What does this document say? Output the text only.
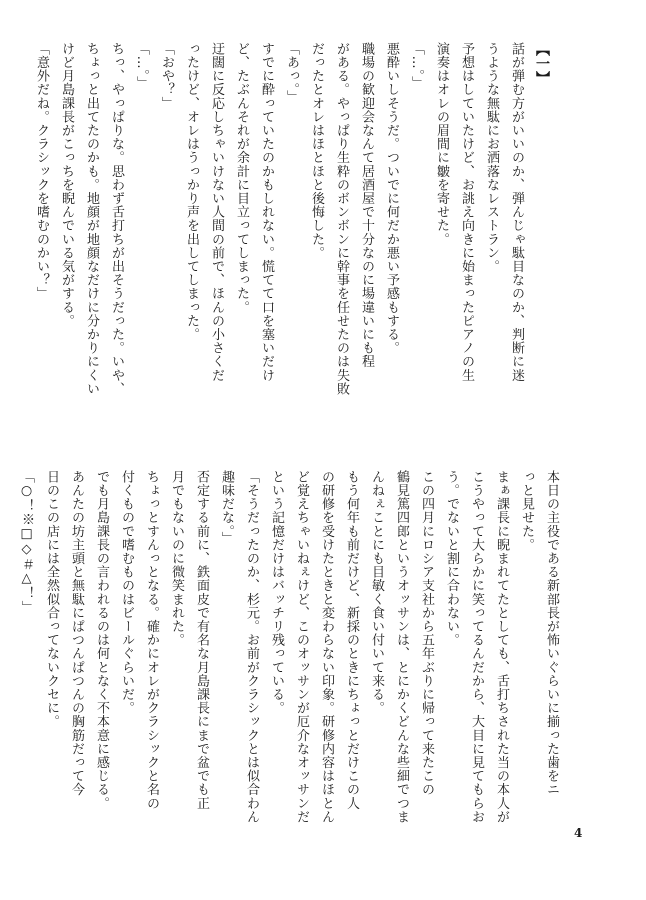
【一】
話が弾む方がいいのか、弾んじゃ駄目なのか、判断に迷
うような無駄にお洒落なレストラン。
予想はしていたけど、お誂え向きに始まったピアノの生
演奏はオレの眉間に皺を寄せた。
「…。」
悪酔いしそうだ。ついでに何だか悪い予感もする。
職場の歓迎会なんて居酒屋で十分なのに場違いにも程
がある。やっぱり生粋のボンボンに幹事を任せたのは失敗
だったとオレはほとほと後悔した。
「あっ。」
すでに酔っていたのかもしれない。慌てて口を塞いだけ
ど、たぶんそれが余計に目立ってしまった。
迂闊に反応しちゃいけない人間の前で、ほんの小さくだ
ったけど、オレはうっかり声を出してしまった。
「おや？」
「…。」
ちっ、やっぱりな。思わず舌打ちが出そうだった。いや、
ちょっと出てたのかも。地顔が地顔なだけに分かりにくい
けど月島課長がこっちを睨んでいる気がする。
「意外だね。クラシックを嗜むのかい？」
本日の主役である新部長が怖いぐらいに揃った歯をニ
っと見せた。
まぁ課長に睨まれてたとしても、舌打ちされた当の本人が
こうやって大らかに笑ってるんだから、大目に見てもらお
う。でないと割に合わない。
この四月にロシア支社から五年ぶりに帰って来たこの
鶴見篤四郎というオッサンは、とにかくどんな些細でつま
んねぇことにも目敏く食い付いて来る。
もう何年も前だけど、新採のときにちょっとだけこの人
の研修を受けたときと変わらない印象。研修内容はほとん
ど覚えちゃいねぇけど、このオッサンが厄介なオッサンだ
という記憶だけはバッチリ残っている。
「そうだったのか、杉元。お前がクラシックとは似合わん
趣味だな。」
否定する前に、鉄面皮で有名な月島課長にまで盆でも正
月でもないのに微笑まれた。
ちょっとすんっとなる。確かにオレがクラシックと名の
付くもので嗜むものはビールぐらいだ。
でも月島課長の言われるのは何となく不本意に感じる。
あんたの坊主頭と無駄にぱつんぱつんの胸筋だって今
日のこの店には全然似合ってないクセに。
「○！※□◇＃△！」
4
